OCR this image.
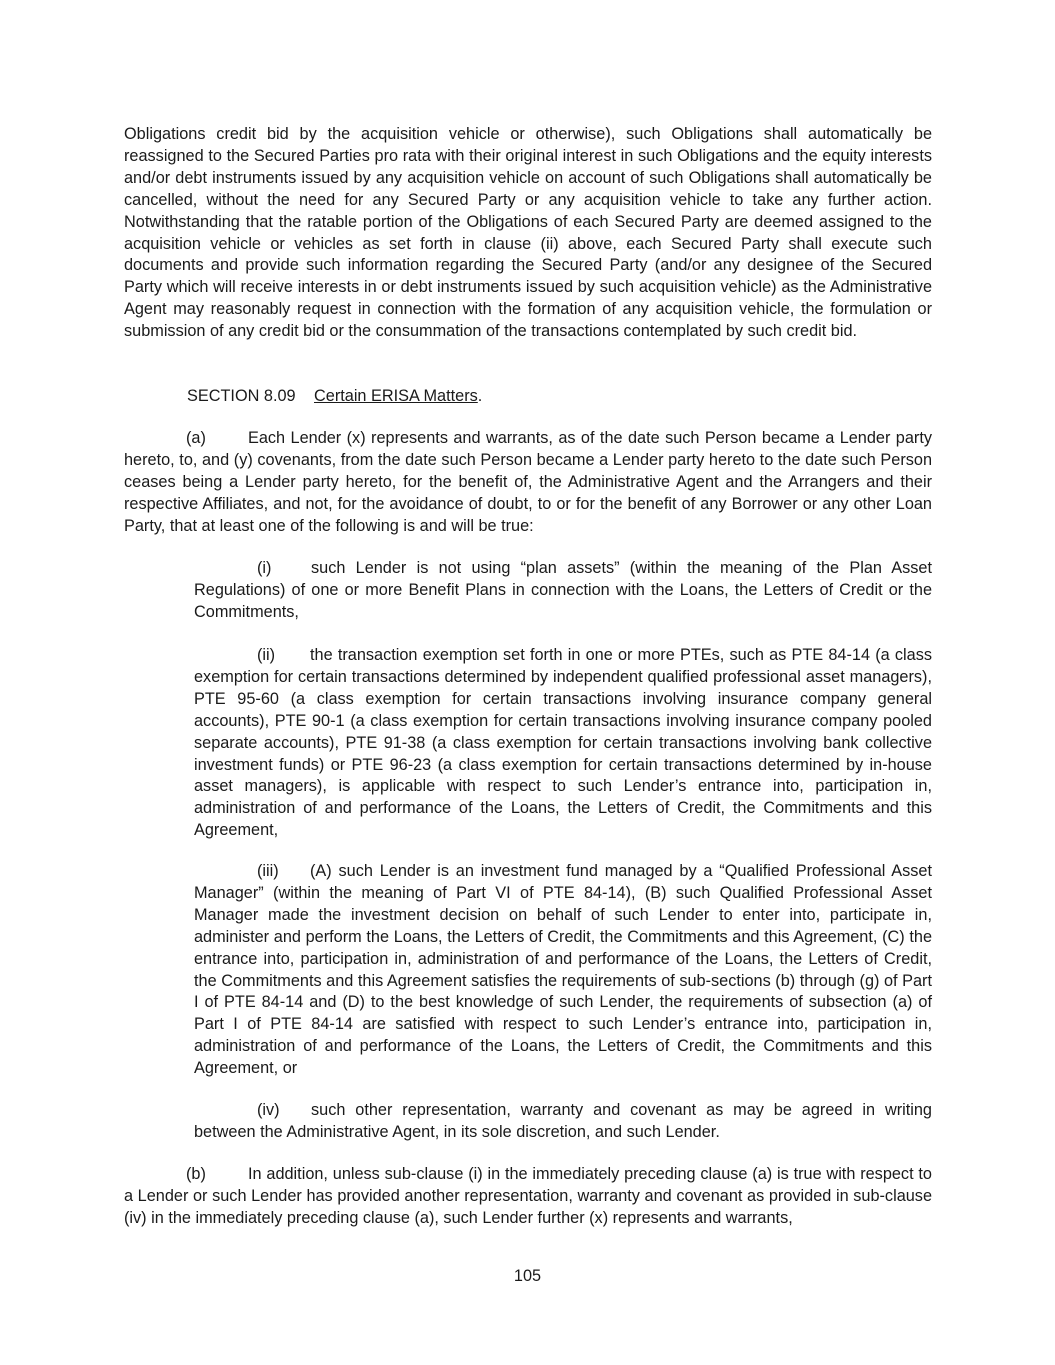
Obligations credit bid by the acquisition vehicle or otherwise), such Obligations shall automatically be reassigned to the Secured Parties pro rata with their original interest in such Obligations and the equity interests and/or debt instruments issued by any acquisition vehicle on account of such Obligations shall automatically be cancelled, without the need for any Secured Party or any acquisition vehicle to take any further action. Notwithstanding that the ratable portion of the Obligations of each Secured Party are deemed assigned to the acquisition vehicle or vehicles as set forth in clause (ii) above, each Secured Party shall execute such documents and provide such information regarding the Secured Party (and/or any designee of the Secured Party which will receive interests in or debt instruments issued by such acquisition vehicle) as the Administrative Agent may reasonably request in connection with the formation of any acquisition vehicle, the formulation or submission of any credit bid or the consummation of the transactions contemplated by such credit bid.

SECTION 8.09 Certain ERISA Matters.

(a)	Each Lender (x) represents and warrants, as of the date such Person became a Lender party hereto, to, and (y) covenants, from the date such Person became a Lender party hereto to the date such Person ceases being a Lender party hereto, for the benefit of, the Administrative Agent and the Arrangers and their respective Affiliates, and not, for the avoidance of doubt, to or for the benefit of any Borrower or any other Loan Party, that at least one of the following is and will be true:

(i) such Lender is not using “plan assets” (within the meaning of the Plan Asset Regulations) of one or more Benefit Plans in connection with the Loans, the Letters of Credit or the Commitments,

(ii) the transaction exemption set forth in one or more PTEs, such as PTE 84-14 (a class exemption for certain transactions determined by independent qualified professional asset managers), PTE 95-60 (a class exemption for certain transactions involving insurance company general accounts), PTE 90-1 (a class exemption for certain transactions involving insurance company pooled separate accounts), PTE 91-38 (a class exemption for certain transactions involving bank collective investment funds) or PTE 96-23 (a class exemption for certain transactions determined by in-house asset managers), is applicable with respect to such Lender’s entrance into, participation in, administration of and performance of the Loans, the Letters of Credit, the Commitments and this Agreement,

(iii) (A) such Lender is an investment fund managed by a “Qualified Professional Asset Manager” (within the meaning of Part VI of PTE 84-14), (B) such Qualified Professional Asset Manager made the investment decision on behalf of such Lender to enter into, participate in, administer and perform the Loans, the Letters of Credit, the Commitments and this Agreement, (C) the entrance into, participation in, administration of and performance of the Loans, the Letters of Credit, the Commitments and this Agreement satisfies the requirements of sub-sections (b) through (g) of Part I of PTE 84-14 and (D) to the best knowledge of such Lender, the requirements of subsection (a) of Part I of PTE 84-14 are satisfied with respect to such Lender’s entrance into, participation in, administration of and performance of the Loans, the Letters of Credit, the Commitments and this Agreement, or

(iv) such other representation, warranty and covenant as may be agreed in writing between the Administrative Agent, in its sole discretion, and such Lender.

(b)	In addition, unless sub-clause (i) in the immediately preceding clause (a) is true with respect to a Lender or such Lender has provided another representation, warranty and covenant as provided in sub-clause (iv) in the immediately preceding clause (a), such Lender further (x) represents and warrants,

105
